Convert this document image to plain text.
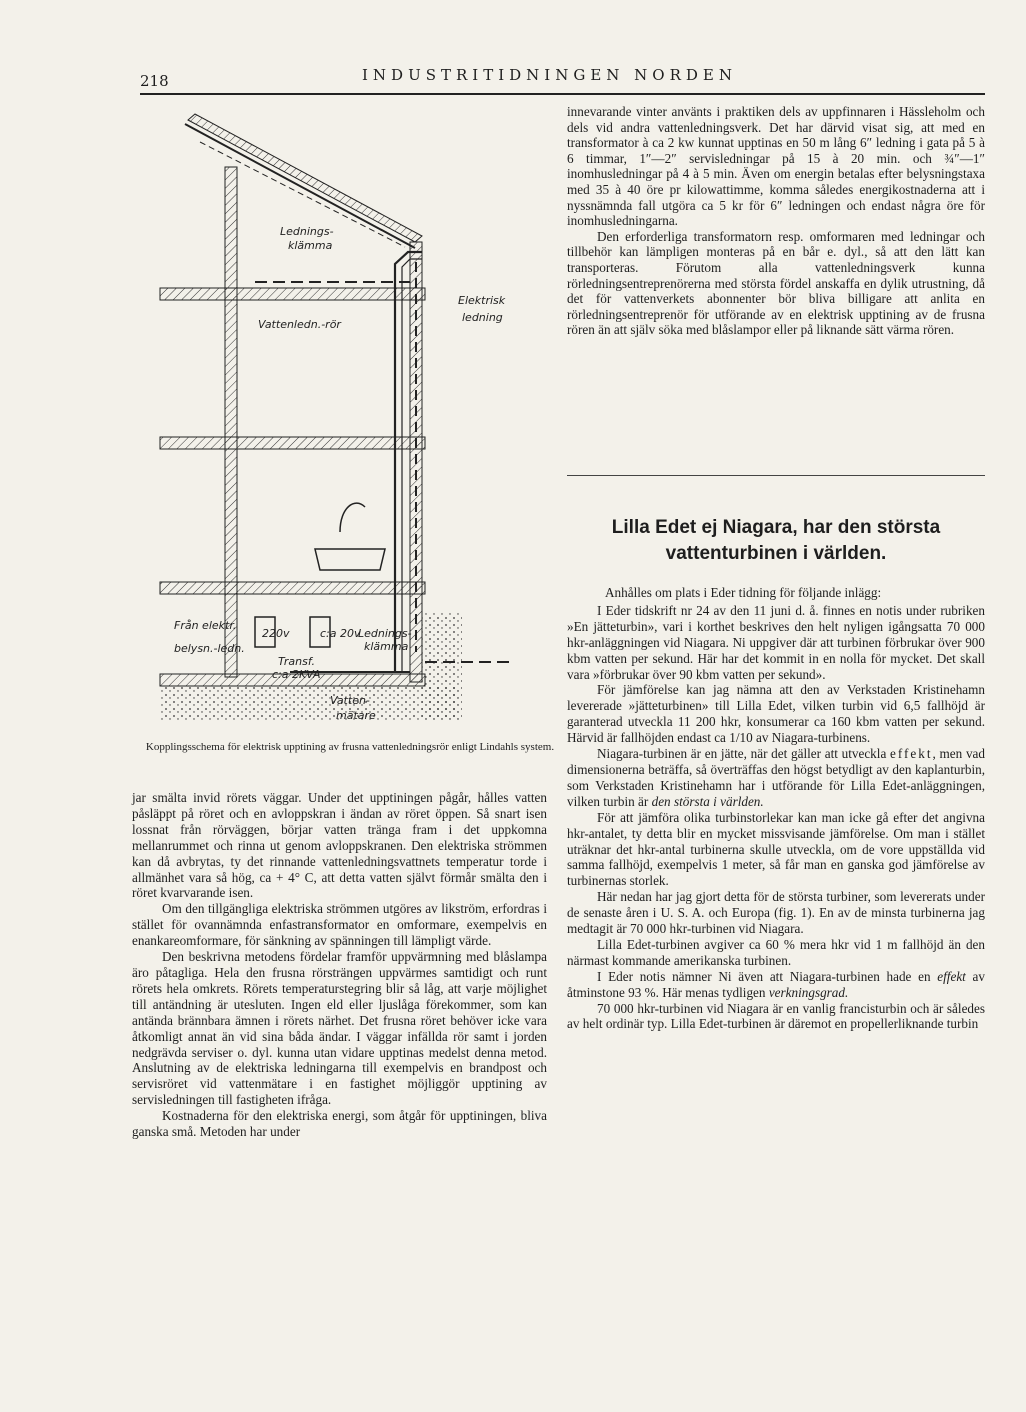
218	INDUSTRITIDNINGEN NORDEN
Lednings-
klämma
Vattenledn.-rör
Elektrisk
ledning
Från elektr.
belysn.-ledn.
220v	c:a 20v
Lednings-
klämma
Transf.
c:a 2KVA
Vatten-
mätare
Kopplingsschema för elektrisk upptining av frusna vattenledningsrör enligt Lindahls system.

innevarande vinter använts i praktiken dels av uppfinnaren i Hässleholm och dels vid andra vattenledningsverk. Det har därvid visat sig, att med en transformator à ca 2 kw kunnat upptinas en 50 m lång 6″ ledning i gata på 5 à 6 timmar, 1″—2″ servisledningar på 15 à 20 min. och ¾″—1″ inomhusledningar på 4 à 5 min. Även om energin betalas efter belysningstaxa med 35 à 40 öre pr kilowattimme, komma således energikostnaderna att i nyssnämnda fall utgöra ca 5 kr för 6″ ledningen och endast några öre för inomhusledningarna.

Den erforderliga transformatorn resp. omformaren med ledningar och tillbehör kan lämpligen monteras på en bår e. dyl., så att den lätt kan transporteras. Förutom alla vattenledningsverk kunna rörledningsentreprenörerna med största fördel anskaffa en dylik utrustning, då det för vattenverkets abonnenter bör bliva billigare att anlita en rörledningsentreprenör för utförande av en elektrisk upptining av de frusna rören än att själv söka med blåslampor eller på liknande sätt värma rören.

Lilla Edet ej Niagara, har den största vattenturbinen i världen.

Anhålles om plats i Eder tidning för följande inlägg:

I Eder tidskrift nr 24 av den 11 juni d. å. finnes en notis under rubriken »En jätteturbin», vari i korthet beskrives den helt nyligen igångsatta 70 000 hkr-anläggningen vid Niagara. Ni uppgiver där att turbinen förbrukar över 900 kbm vatten per sekund. Här har det kommit in en nolla för mycket. Det skall vara »förbrukar över 90 kbm vatten per sekund».

För jämförelse kan jag nämna att den av Verkstaden Kristinehamn levererade »jätteturbinen» till Lilla Edet, vilken turbin vid 6,5 fallhöjd är garanterad utveckla 11 200 hkr, konsumerar ca 160 kbm vatten per sekund. Härvid är fallhöjden endast ca 1/10 av Niagara-turbinens.

Niagara-turbinen är en jätte, när det gäller att utveckla effekt, men vad dimensionerna beträffa, så överträffas den högst betydligt av den kaplanturbin, som Verkstaden Kristinehamn har i utförande för Lilla Edet-anläggningen, vilken turbin är den största i världen.

För att jämföra olika turbinstorlekar kan man icke gå efter det angivna hkr-antalet, ty detta blir en mycket missvisande jämförelse. Om man i stället uträknar det hkr-antal turbinerna skulle utveckla, om de vore uppställda vid samma fallhöjd, exempelvis 1 meter, så får man en ganska god jämförelse av turbinernas storlek.

Här nedan har jag gjort detta för de största turbiner, som levererats under de senaste åren i U. S. A. och Europa (fig. 1). En av de minsta turbinerna jag medtagit är 70 000 hkr-turbinen vid Niagara.

Lilla Edet-turbinen avgiver ca 60 % mera hkr vid 1 m fallhöjd än den närmast kommande amerikanska turbinen.

I Eder notis nämner Ni även att Niagara-turbinen hade en effekt av åtminstone 93 %. Här menas tydligen verkningsgrad.

70 000 hkr-turbinen vid Niagara är en vanlig francisturbin och är således av helt ordinär typ. Lilla Edet-turbinen är däremot en propellerliknande turbin

jar smälta invid rörets väggar. Under det upptiningen pågår, hålles vatten påsläppt på röret och en avloppskran i ändan av röret öppen. Så snart isen lossnat från rörväggen, börjar vatten tränga fram i det uppkomna mellanrummet och rinna ut genom avloppskranen. Den elektriska strömmen kan då avbrytas, ty det rinnande vattenledningsvattnets temperatur torde i allmänhet vara så hög, ca + 4° C, att detta vatten självt förmår smälta den i röret kvarvarande isen.

Om den tillgängliga elektriska strömmen utgöres av likström, erfordras i stället för ovannämnda enfastransformator en omformare, exempelvis en enankareomformare, för sänkning av spänningen till lämpligt värde.

Den beskrivna metodens fördelar framför uppvärmning med blåslampa äro påtagliga. Hela den frusna rörsträngen uppvärmes samtidigt och runt rörets hela omkrets. Rörets temperaturstegring blir så låg, att varje möjlighet till antändning är utesluten. Ingen eld eller ljuslåga förekommer, som kan antända brännbara ämnen i rörets närhet. Det frusna röret behöver icke vara åtkomligt annat än vid sina båda ändar. I väggar infällda rör samt i jorden nedgrävda serviser o. dyl. kunna utan vidare upptinas medelst denna metod. Anslutning av de elektriska ledningarna till exempelvis en brandpost och servisröret vid vattenmätare i en fastighet möjliggör upptining av servisledningen till fastigheten ifråga.

Kostnaderna för den elektriska energi, som åtgår för upptiningen, bliva ganska små. Metoden har under
